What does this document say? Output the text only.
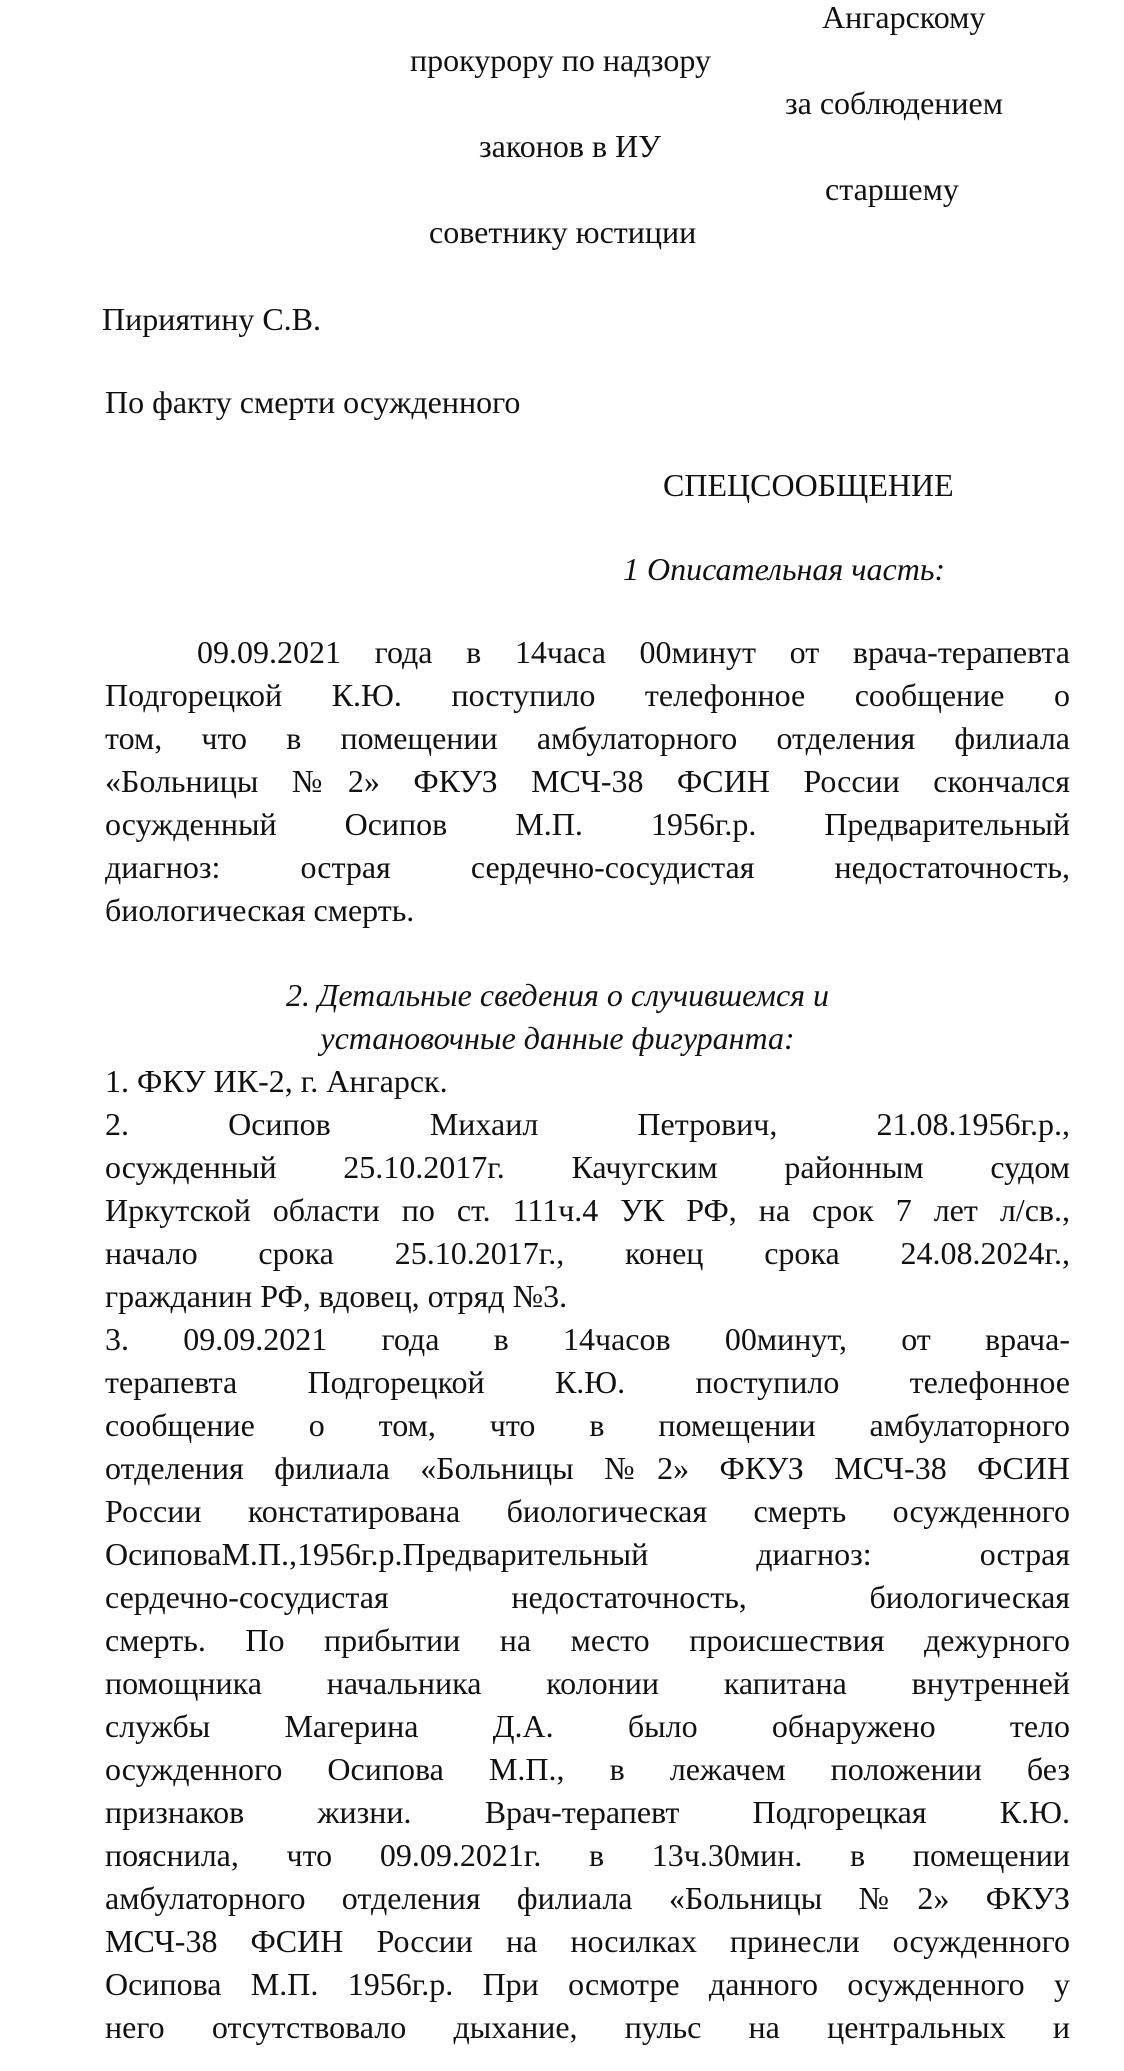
Ангарскому
прокурору по надзору
за соблюдением
законов в ИУ
старшему
советнику юстиции
Пириятину С.В.
По факту смерти осужденного
СПЕЦСООБЩЕНИЕ
1 Описательная часть:
09.09.2021 года в 14часа 00минут от врача-терапевта
Подгорецкой К.Ю. поступило телефонное сообщение о
том, что в помещении амбулаторного отделения филиала
«Больницы №2» ФКУЗ МСЧ-38 ФСИН России скончался
осужденный Осипов М.П. 1956г.р. Предварительный
диагноз: острая сердечно-сосудистая недостаточность,
биологическая смерть.
2. Детальные сведения о случившемся и
установочные данные фигуранта:
1. ФКУ ИК-2, г. Ангарск.
2. Осипов Михаил Петрович, 21.08.1956г.р.,
осужденный 25.10.2017г. Качугским районным судом
Иркутской области по ст. 111ч.4 УК РФ, на срок 7 лет л/св.,
начало срока 25.10.2017г., конец срока 24.08.2024г.,
гражданин РФ, вдовец, отряд №3.
3. 09.09.2021 года в 14часов 00минут, от врача-
терапевта Подгорецкой К.Ю. поступило телефонное
сообщение о том, что в помещении амбулаторного
отделения филиала «Больницы №2» ФКУЗ МСЧ-38 ФСИН
России констатирована биологическая смерть осужденного
ОсиповаМ.П.,1956г.р.Предварительный диагноз: острая
сердечно-сосудистая недостаточность, биологическая
смерть. По прибытии на место происшествия дежурного
помощника начальника колонии капитана внутренней
службы Магерина Д.А. было обнаружено тело
осужденного Осипова М.П., в лежачем положении без
признаков жизни. Врач-терапевт Подгорецкая К.Ю.
пояснила, что 09.09.2021г. в 13ч.30мин. в помещении
амбулаторного отделения филиала «Больницы №2» ФКУЗ
МСЧ-38 ФСИН России на носилках принесли осужденного
Осипова М.П. 1956г.р. При осмотре данного осужденного у
него отсутствовало дыхание, пульс на центральных и
